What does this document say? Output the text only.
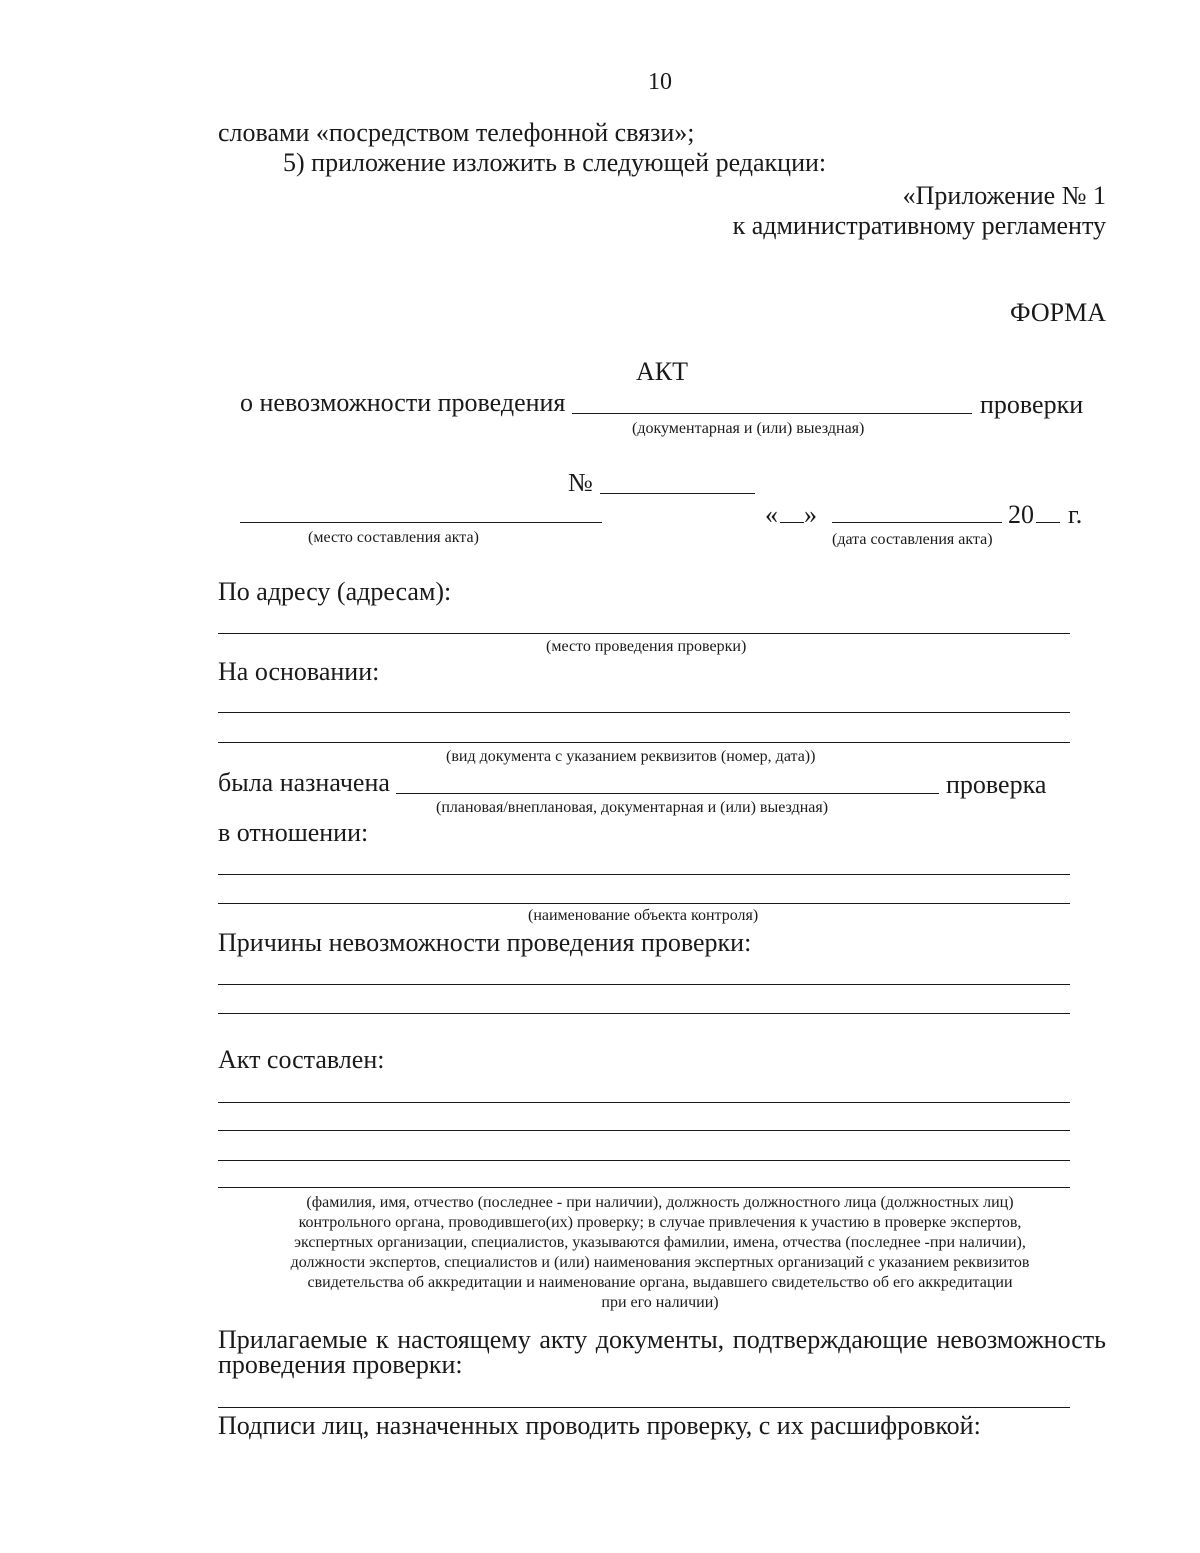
10
словами «посредством телефонной связи»;
5) приложение изложить в следующей редакции:
«Приложение № 1
к административному регламенту
ФОРМА
АКТ
о невозможности проведения	проверки
(документарная и (или) выездная)
№
« »	20 г.
(место составления акта)	(дата составления акта)
По адресу (адресам):
(место проведения проверки)
На основании:
(вид документа с указанием реквизитов (номер, дата))
была назначена	проверка
(плановая/внеплановая, документарная и (или) выездная)
в отношении:
(наименование объекта контроля)
Причины невозможности проведения проверки:
Акт составлен:
(фамилия, имя, отчество (последнее - при наличии), должность должностного лица (должностных лиц)
контрольного органа, проводившего(их) проверку; в случае привлечения к участию в проверке экспертов,
экспертных организации, специалистов, указываются фамилии, имена, отчества (последнее -при наличии),
должности экспертов, специалистов и (или) наименования экспертных организаций с указанием реквизитов
свидетельства об аккредитации и наименование органа, выдавшего свидетельство об его аккредитации
при его наличии)
Прилагаемые к настоящему акту документы, подтверждающие невозможность
проведения проверки:
Подписи лиц, назначенных проводить проверку, с их расшифровкой:
